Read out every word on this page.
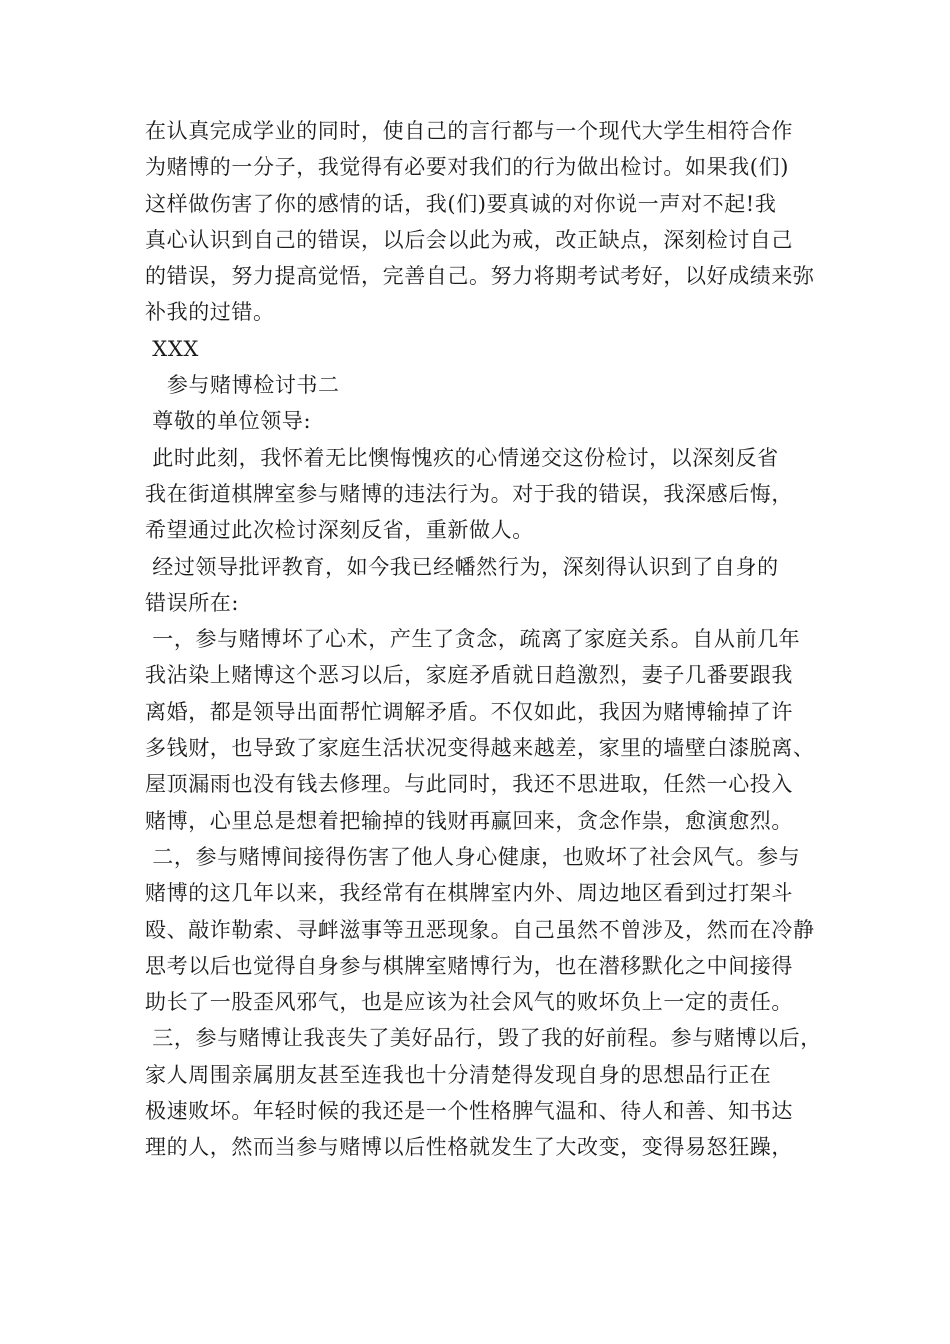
在认真完成学业的同时，使自己的言行都与一个现代大学生相符合作
为赌博的一分子，我觉得有必要对我们的行为做出检讨。如果我(们)
这样做伤害了你的感情的话，我(们)要真诚的对你说一声对不起!我
真心认识到自己的错误，以后会以此为戒，改正缺点，深刻检讨自己
的错误，努力提高觉悟，完善自己。努力将期考试考好，以好成绩来弥
补我的过错。
XXX
参与赌博检讨书二
尊敬的单位领导:
此时此刻，我怀着无比懊悔愧疚的心情递交这份检讨，以深刻反省
我在街道棋牌室参与赌博的违法行为。对于我的错误，我深感后悔，
希望通过此次检讨深刻反省，重新做人。
经过领导批评教育，如今我已经幡然行为，深刻得认识到了自身的
错误所在:
一，参与赌博坏了心术，产生了贪念，疏离了家庭关系。自从前几年
我沾染上赌博这个恶习以后，家庭矛盾就日趋激烈，妻子几番要跟我
离婚，都是领导出面帮忙调解矛盾。不仅如此，我因为赌博输掉了许
多钱财，也导致了家庭生活状况变得越来越差，家里的墙壁白漆脱离、
屋顶漏雨也没有钱去修理。与此同时，我还不思进取，任然一心投入
赌博，心里总是想着把输掉的钱财再赢回来，贪念作祟，愈演愈烈。
二，参与赌博间接得伤害了他人身心健康，也败坏了社会风气。参与
赌博的这几年以来，我经常有在棋牌室内外、周边地区看到过打架斗
殴、敲诈勒索、寻衅滋事等丑恶现象。自己虽然不曾涉及，然而在冷静
思考以后也觉得自身参与棋牌室赌博行为，也在潜移默化之中间接得
助长了一股歪风邪气，也是应该为社会风气的败坏负上一定的责任。
三，参与赌博让我丧失了美好品行，毁了我的好前程。参与赌博以后，
家人周围亲属朋友甚至连我也十分清楚得发现自身的思想品行正在
极速败坏。年轻时候的我还是一个性格脾气温和、待人和善、知书达
理的人，然而当参与赌博以后性格就发生了大改变，变得易怒狂躁，
